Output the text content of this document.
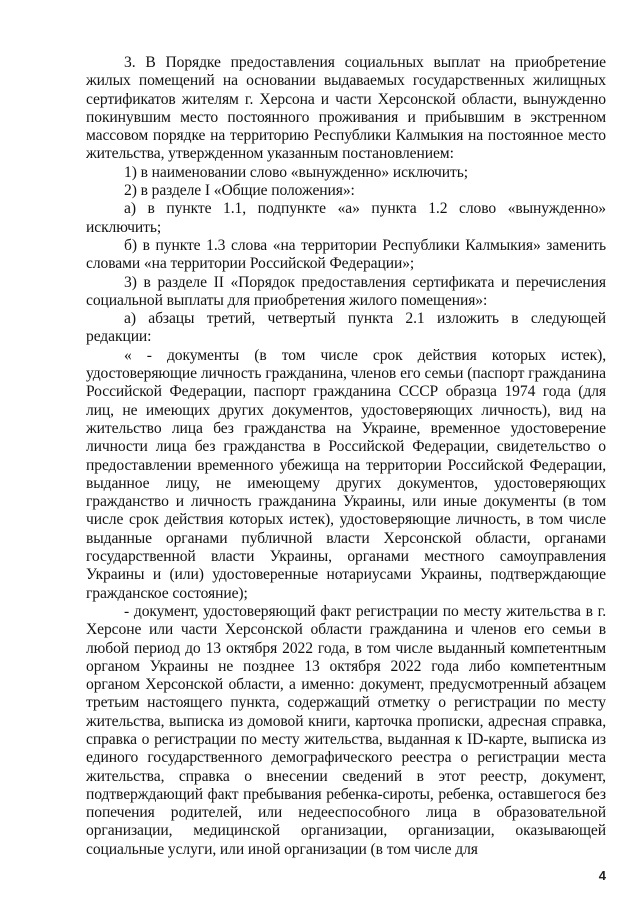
3. В Порядке предоставления социальных выплат на приобретение жилых помещений на основании выдаваемых государственных жилищных сертификатов жителям г. Херсона и части Херсонской области, вынужденно покинувшим место постоянного проживания и прибывшим в экстренном массовом порядке на территорию Республики Калмыкия на постоянное место жительства, утвержденном указанным постановлением:

1) в наименовании слово «вынужденно» исключить;

2) в разделе I «Общие положения»:

а) в пункте 1.1, подпункте «а» пункта 1.2 слово «вынужденно» исключить;

б) в пункте 1.3 слова «на территории Республики Калмыкия» заменить словами «на территории Российской Федерации»;

3) в разделе II «Порядок предоставления сертификата и перечисления социальной выплаты для приобретения жилого помещения»:

а) абзацы третий, четвертый пункта 2.1 изложить в следующей редакции:

« - документы (в том числе срок действия которых истек), удостоверяющие личность гражданина, членов его семьи (паспорт гражданина Российской Федерации, паспорт гражданина СССР образца 1974 года (для лиц, не имеющих других документов, удостоверяющих личность), вид на жительство лица без гражданства на Украине, временное удостоверение личности лица без гражданства в Российской Федерации, свидетельство о предоставлении временного убежища на территории Российской Федерации, выданное лицу, не имеющему других документов, удостоверяющих гражданство и личность гражданина Украины, или иные документы (в том числе срок действия которых истек), удостоверяющие личность, в том числе выданные органами публичной власти Херсонской области, органами государственной власти Украины, органами местного самоуправления Украины и (или) удостоверенные нотариусами Украины, подтверждающие гражданское состояние);

- документ, удостоверяющий факт регистрации по месту жительства в г. Херсоне или части Херсонской области гражданина и членов его семьи в любой период до 13 октября 2022 года, в том числе выданный компетентным органом Украины не позднее 13 октября 2022 года либо компетентным органом Херсонской области, а именно: документ, предусмотренный абзацем третьим настоящего пункта, содержащий отметку о регистрации по месту жительства, выписка из домовой книги, карточка прописки, адресная справка, справка о регистрации по месту жительства, выданная к ID-карте, выписка из единого государственного демографического реестра о регистрации места жительства, справка о внесении сведений в этот реестр, документ, подтверждающий факт пребывания ребенка-сироты, ребенка, оставшегося без попечения родителей, или недееспособного лица в образовательной организации, медицинской организации, организации, оказывающей социальные услуги, или иной организации (в том числе для

4
